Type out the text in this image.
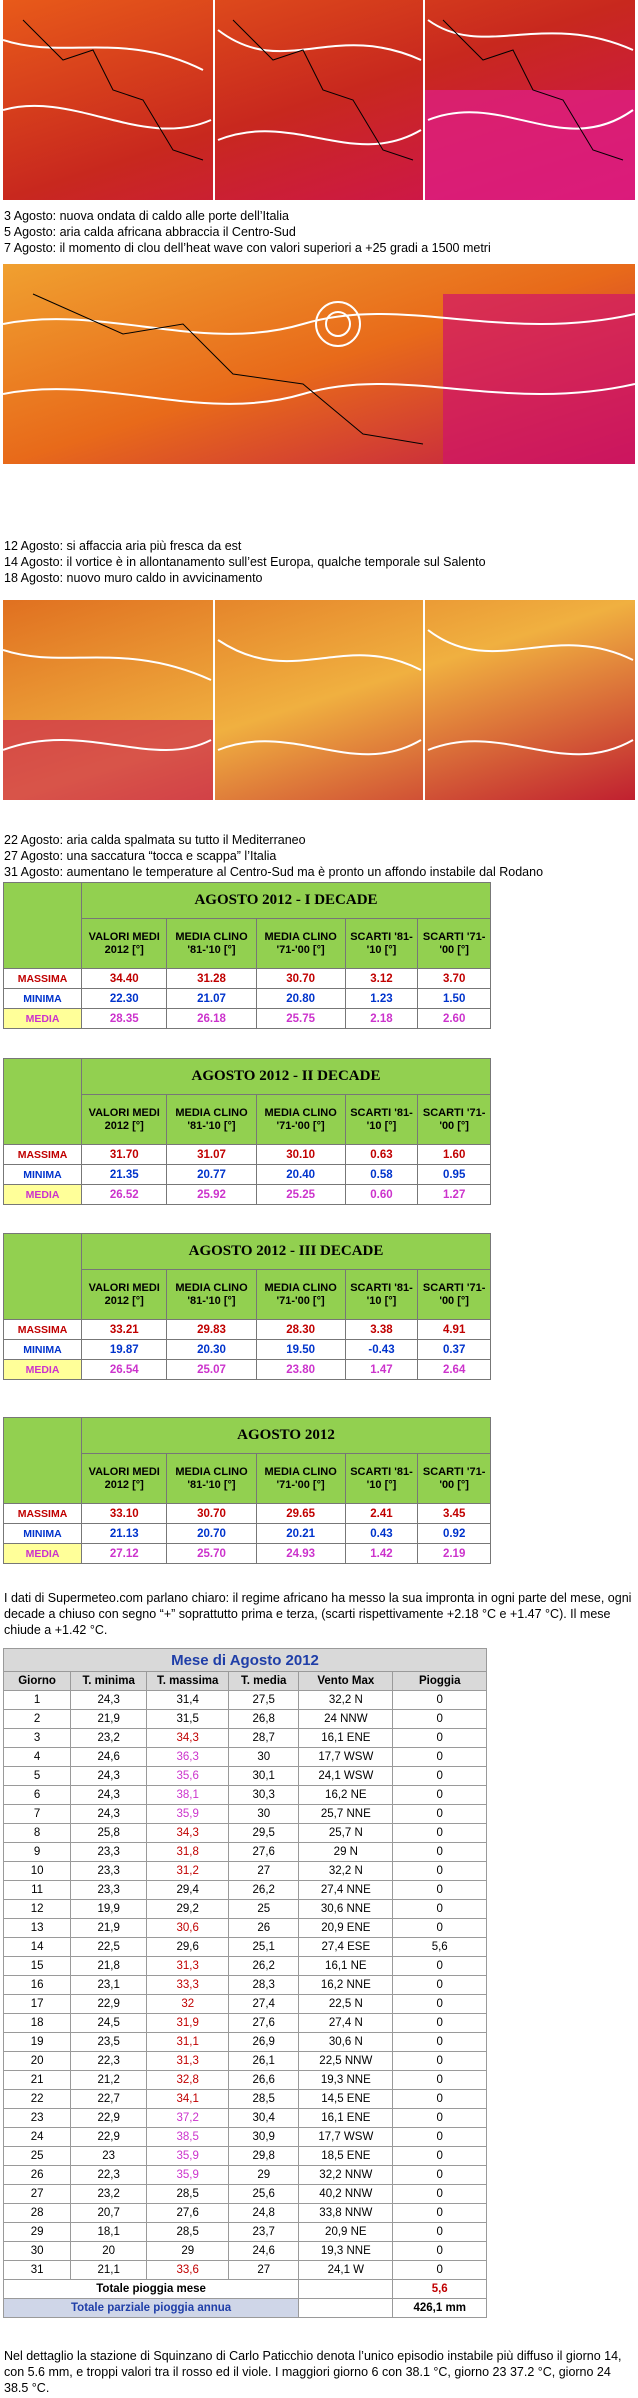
3 Agosto: nuova ondata di caldo alle porte dell’Italia
5 Agosto: aria calda africana abbraccia il Centro-Sud
7 Agosto: il momento di clou dell’heat wave con valori superiori a +25 gradi a 1500 metri
12 Agosto: si affaccia aria più fresca da est
14 Agosto: il vortice è in allontanamento sull’est Europa, qualche temporale sul Salento
18 Agosto: nuovo muro caldo in avvicinamento
22 Agosto: aria calda spalmata su tutto il Mediterraneo
27 Agosto: una saccatura “tocca e scappa” l’Italia
31 Agosto: aumentano le temperature al Centro-Sud ma è pronto un affondo instabile dal Rodano
	AGOSTO 2012 - I DECADE				
	VALORI MEDI 2012 [°]	MEDIA CLINO '81-'10 [°]	MEDIA CLINO '71-'00 [°]	SCARTI '81-'10 [°]	SCARTI '71-'00 [°]
MASSIMA	34.40	31.28	30.70	3.12	3.70
MINIMA	22.30	21.07	20.80	1.23	1.50
MEDIA	28.35	26.18	25.75	2.18	2.60
	AGOSTO 2012 - II DECADE				
	VALORI MEDI 2012 [°]	MEDIA CLINO '81-'10 [°]	MEDIA CLINO '71-'00 [°]	SCARTI '81-'10 [°]	SCARTI '71-'00 [°]
MASSIMA	31.70	31.07	30.10	0.63	1.60
MINIMA	21.35	20.77	20.40	0.58	0.95
MEDIA	26.52	25.92	25.25	0.60	1.27
	AGOSTO 2012 - III DECADE				
	VALORI MEDI 2012 [°]	MEDIA CLINO '81-'10 [°]	MEDIA CLINO '71-'00 [°]	SCARTI '81-'10 [°]	SCARTI '71-'00 [°]
MASSIMA	33.21	29.83	28.30	3.38	4.91
MINIMA	19.87	20.30	19.50	-0.43	0.37
MEDIA	26.54	25.07	23.80	1.47	2.64
	AGOSTO 2012				
	VALORI MEDI 2012 [°]	MEDIA CLINO '81-'10 [°]	MEDIA CLINO '71-'00 [°]	SCARTI '81-'10 [°]	SCARTI '71-'00 [°]
MASSIMA	33.10	30.70	29.65	2.41	3.45
MINIMA	21.13	20.70	20.21	0.43	0.92
MEDIA	27.12	25.70	24.93	1.42	2.19
I dati di Supermeteo.com parlano chiaro: il regime africano ha messo la sua impronta in ogni parte del mese, ogni decade a chiuso con segno “+” soprattutto prima e terza, (scarti rispettivamente +2.18 °C e +1.47 °C). Il mese chiude a +1.42 °C.
Mese di Agosto 2012					
Giorno	T. minima	T. massima	T. media	Vento Max	Pioggia
1	24,3	31,4	27,5	32,2 N	0
2	21,9	31,5	26,8	24 NNW	0
3	23,2	34,3	28,7	16,1 ENE	0
4	24,6	36,3	30	17,7 WSW	0
5	24,3	35,6	30,1	24,1 WSW	0
6	24,3	38,1	30,3	16,2 NE	0
7	24,3	35,9	30	25,7 NNE	0
8	25,8	34,3	29,5	25,7 N	0
9	23,3	31,8	27,6	29 N	0
10	23,3	31,2	27	32,2 N	0
11	23,3	29,4	26,2	27,4 NNE	0
12	19,9	29,2	25	30,6 NNE	0
13	21,9	30,6	26	20,9 ENE	0
14	22,5	29,6	25,1	27,4 ESE	5,6
15	21,8	31,3	26,2	16,1 NE	0
16	23,1	33,3	28,3	16,2 NNE	0
17	22,9	32	27,4	22,5 N	0
18	24,5	31,9	27,6	27,4 N	0
19	23,5	31,1	26,9	30,6 N	0
20	22,3	31,3	26,1	22,5 NNW	0
21	21,2	32,8	26,6	19,3 NNE	0
22	22,7	34,1	28,5	14,5 ENE	0
23	22,9	37,2	30,4	16,1 ENE	0
24	22,9	38,5	30,9	17,7 WSW	0
25	23	35,9	29,8	18,5 ENE	0
26	22,3	35,9	29	32,2 NNW	0
27	23,2	28,5	25,6	40,2 NNW	0
28	20,7	27,6	24,8	33,8 NNW	0
29	18,1	28,5	23,7	20,9 NE	0
30	20	29	24,6	19,3 NNE	0
31	21,1	33,6	27	24,1 W	0
Totale pioggia mese					5,6
Totale parziale pioggia annua					426,1 mm
Nel dettaglio la stazione di Squinzano di Carlo Paticchio denota l’unico episodio instabile più diffuso il giorno 14, con 5.6 mm, e troppi valori tra il rosso ed il viole. I maggiori giorno 6 con 38.1 °C, giorno 23 37.2 °C, giorno 24 38.5 °C.
